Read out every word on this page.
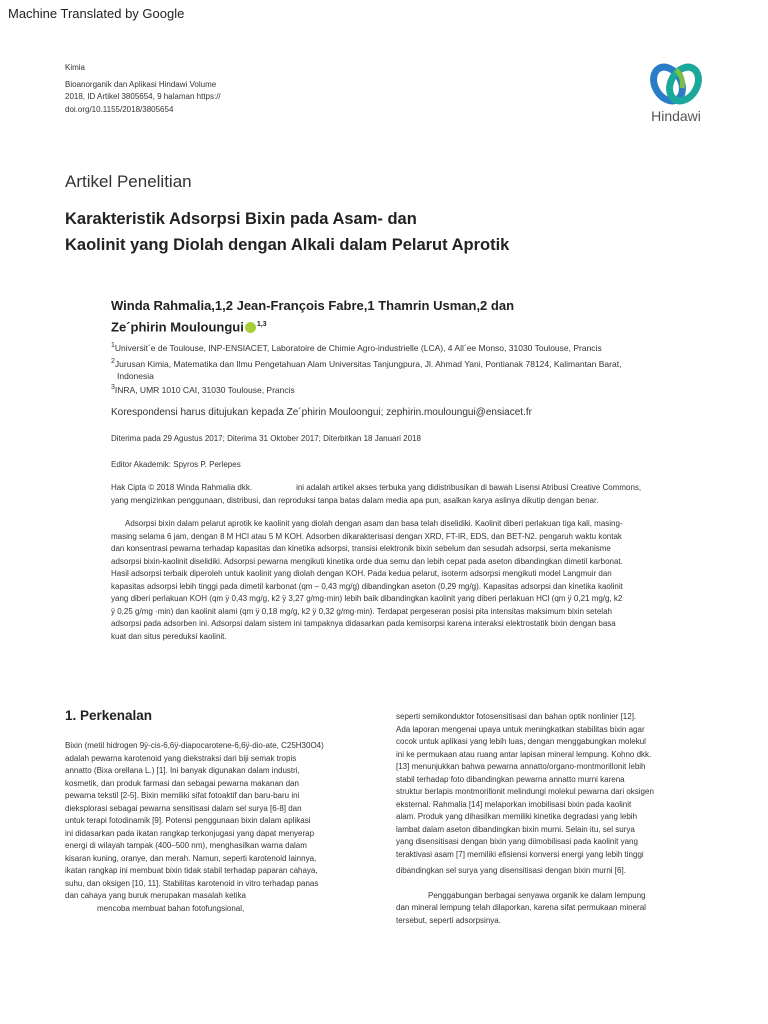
Machine Translated by Google
Kimia
Bioanorganik dan Aplikasi Hindawi Volume
2018, ID Artikel 3805654, 9 halaman https://
doi.org/10.1155/2018/3805654	Hindawi
Artikel Penelitian
Karakteristik Adsorpsi Bixin pada Asam- dan
Kaolinit yang Diolah dengan Alkali dalam Pelarut Aprotik
Winda Rahmalia,1,2 Jean-François Fabre,1 Thamrin Usman,2 dan
Ze´phirin Mouloungui $^{1,3}$
$^1$Universit´e de Toulouse, INP-ENSIACET, Laboratoire de Chimie Agro-industrielle (LCA), 4 All´ee Monso, 31030 Toulouse, Prancis
$^2$Jurusan Kimia, Matematika dan Ilmu Pengetahuan Alam Universitas Tanjungpura, Jl. Ahmad Yani, Pontianak 78124, Kalimantan Barat,
Indonesia
$^3$INRA, UMR 1010 CAI, 31030 Toulouse, Prancis
Korespondensi harus ditujukan kepada Ze´phirin Mouloongui; zephirin.mouloungui@ensiacet.fr
Diterima pada 29 Agustus 2017; Diterima 31 Oktober 2017; Diterbitkan 18 Januari 2018
Editor Akademik: Spyros P. Perlepes
Hak Cipta © 2018 Winda Rahmalia dkk.	ini adalah artikel akses terbuka yang didistribusikan di bawah Lisensi Atribusi Creative Commons,
yang mengizinkan penggunaan, distribusi, dan reproduksi tanpa batas dalam media apa pun, asalkan karya aslinya dikutip dengan benar.
Adsorpsi bixin dalam pelarut aprotik ke kaolinit yang diolah dengan asam dan basa telah diselidiki. Kaolinit diberi perlakuan tiga kali, masing-
masing selama 6 jam, dengan 8 M HCl atau 5 M KOH. Adsorben dikarakterisasi dengan XRD, FT-IR, EDS, dan BET-N2. pengaruh waktu kontak
dan konsentrasi pewarna terhadap kapasitas dan kinetika adsorpsi, transisi elektronik bixin sebelum dan sesudah adsorpsi, serta mekanisme
adsorpsi bixin-kaolinit diselidiki. Adsorpsi pewarna mengikuti kinetika orde dua semu dan lebih cepat pada aseton dibandingkan dimetil karbonat.
Hasil adsorpsi terbaik diperoleh untuk kaolinit yang diolah dengan KOH. Pada kedua pelarut, isoterm adsorpsi mengikuti model Langmuir dan
kapasitas adsorpsi lebih tinggi pada dimetil karbonat (qm – 0,43 mg/g) dibandingkan aseton (0,29 mg/g). Kapasitas adsorpsi dan kinetika kaolinit
yang diberi perlakuan KOH (qm ÿ 0,43 mg/g, k2 ÿ 3,27 g/mg·min) lebih baik dibandingkan kaolinit yang diberi perlakuan HCl (qm ÿ 0,21 mg/g, k2
ÿ 0,25 g/mg ·min) dan kaolinit alami (qm ÿ 0,18 mg/g, k2 ÿ 0,32 g/mg·min). Terdapat pergeseran posisi pita intensitas maksimum bixin setelah
adsorpsi pada adsorben ini. Adsorpsi dalam sistem ini tampaknya didasarkan pada kemisorpsi karena interaksi elektrostatik bixin dengan basa
kuat dan situs pereduksi kaolinit.
1. Perkenalan
Bixin (metil hidrogen 9ÿ-cis-6,6ÿ-diapocarotene-6,6ÿ-dio-ate, C25H30O4)
adalah pewarna karotenoid yang diekstraksi dari biji semak tropis
annatto (Bixa orellana L.) [1]. Ini banyak digunakan dalam industri,
kosmetik, dan produk farmasi dan sebagai pewarna makanan dan
pewarna tekstil [2-5]. Bixin memiliki sifat fotoaktif dan baru-baru ini
dieksplorasi sebagai pewarna sensitisasi dalam sel surya [6-8] dan
untuk terapi fotodinamik [9]. Potensi penggunaan bixin dalam aplikasi
ini didasarkan pada ikatan rangkap terkonjugasi yang dapat menyerap
energi di wilayah tampak (400–500 nm), menghasilkan warna dalam
kisaran kuning, oranye, dan merah. Namun, seperti karotenoid lainnya,
ikatan rangkap ini membuat bixin tidak stabil terhadap paparan cahaya,
suhu, dan oksigen [10, 11]. Stabilitas karotenoid in vitro terhadap panas
dan cahaya yang buruk merupakan masalah ketika
mencoba membuat bahan fotofungsional,
seperti semikonduktor fotosensitisasi dan bahan optik nonlinier [12].
Ada laporan mengenai upaya untuk meningkatkan stabilitas bixin agar
cocok untuk aplikasi yang lebih luas, dengan menggabungkan molekul
ini ke permukaan atau ruang antar lapisan mineral lempung. Kohno dkk.
[13] menunjukkan bahwa pewarna annatto/organo-montmorillonit lebih
stabil terhadap foto dibandingkan pewarna annatto murni karena
struktur berlapis montmorillonit melindungi molekul pewarna dari oksigen
eksternal. Rahmalia [14] melaporkan imobilisasi bixin pada kaolinit
alam. Produk yang dihasilkan memiliki kinetika degradasi yang lebih
lambat dalam aseton dibandingkan bixin murni. Selain itu, sel surya
yang disensitisasi dengan bixin yang diimobilisasi pada kaolinit yang
teraktivasi asam [7] memiliki efisiensi konversi energi yang lebih tinggi
dibandingkan sel surya yang disensitisasi dengan bixin murni [6].
Penggabungan berbagai senyawa organik ke dalam lempung
dan mineral lempung telah dilaporkan, karena sifat permukaan mineral
tersebut, seperti adsorpsinya.
